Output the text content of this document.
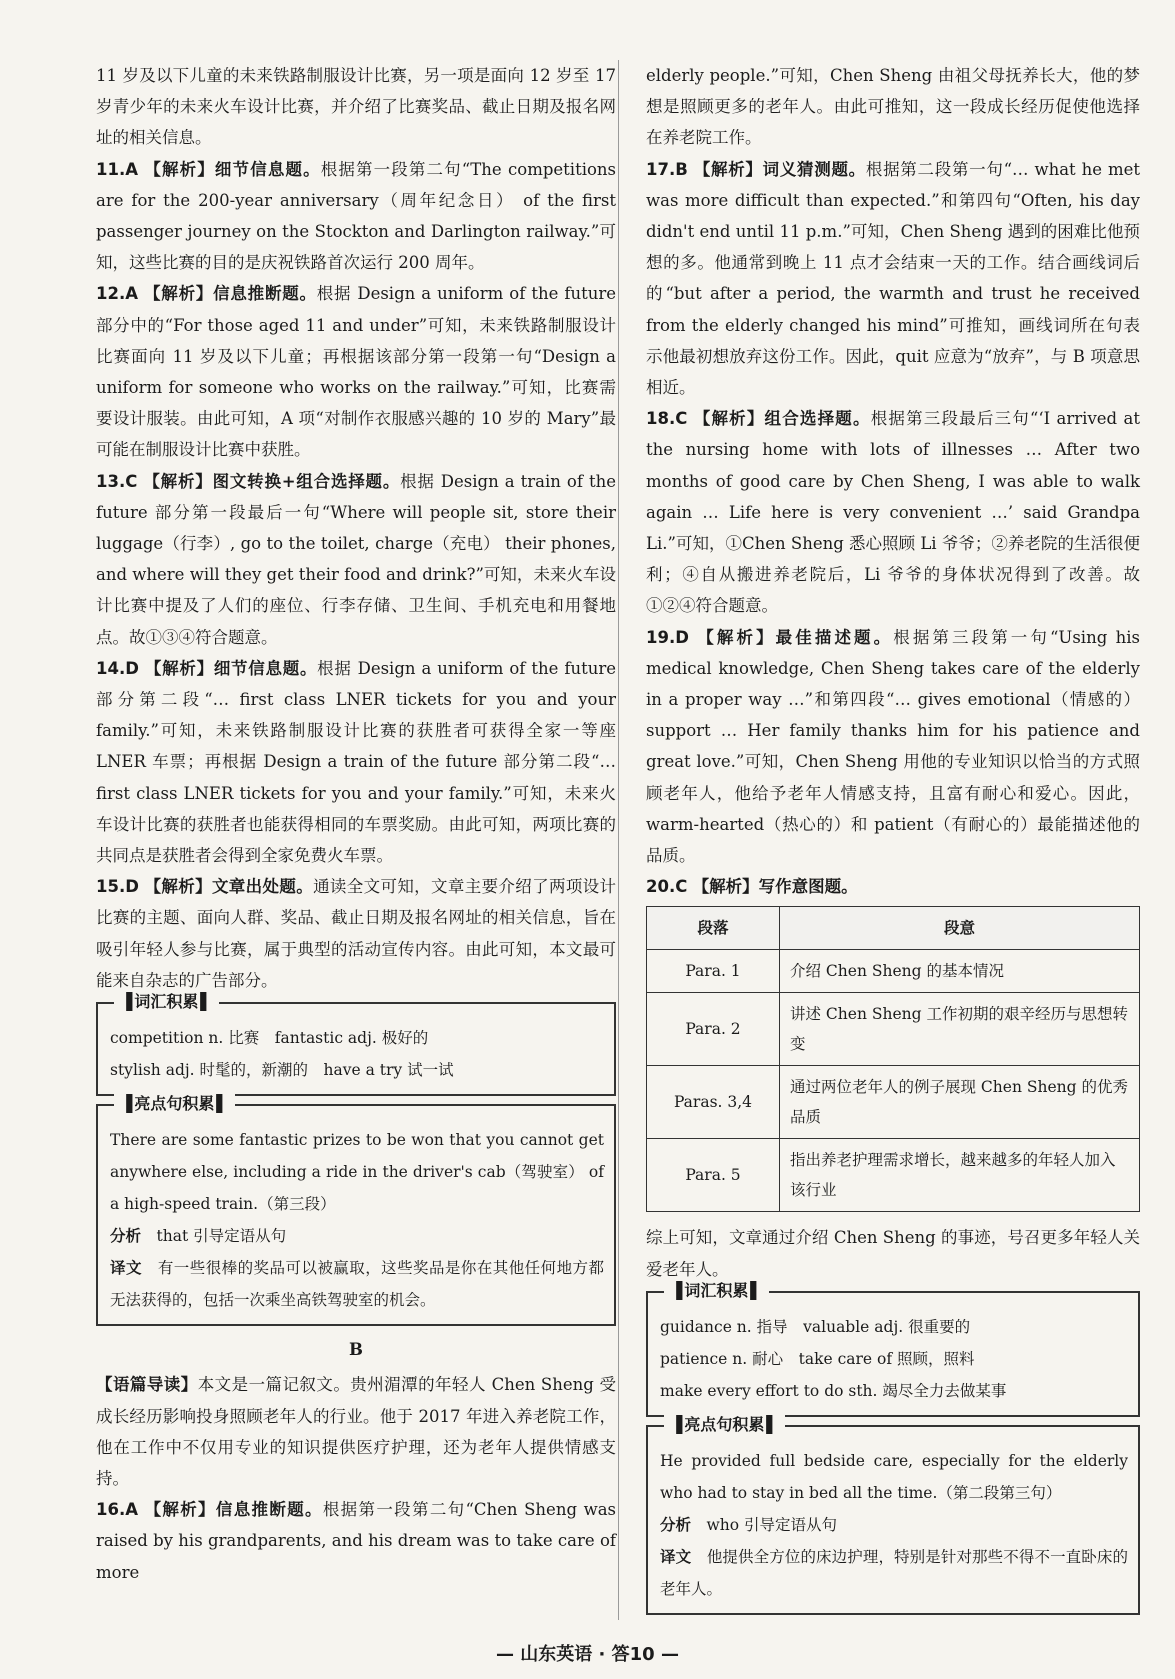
11 岁及以下儿童的未来铁路制服设计比赛，另一项是面向 12 岁至 17 岁青少年的未来火车设计比赛，并介绍了比赛奖品、截止日期及报名网址的相关信息。

11.A 【解析】细节信息题。根据第一段第二句“The competitions are for the 200-year anniversary（周年纪念日） of the first passenger journey on the Stockton and Darlington railway.”可知，这些比赛的目的是庆祝铁路首次运行 200 周年。

12.A 【解析】信息推断题。根据 Design a uniform of the future 部分中的“For those aged 11 and under”可知，未来铁路制服设计比赛面向 11 岁及以下儿童；再根据该部分第一段第一句“Design a uniform for someone who works on the railway.”可知，比赛需要设计服装。由此可知，A 项“对制作衣服感兴趣的 10 岁的 Mary”最可能在制服设计比赛中获胜。

13.C 【解析】图文转换+组合选择题。根据 Design a train of the future 部分第一段最后一句“Where will people sit, store their luggage（行李）, go to the toilet, charge（充电） their phones, and where will they get their food and drink?”可知，未来火车设计比赛中提及了人们的座位、行李存储、卫生间、手机充电和用餐地点。故①③④符合题意。

14.D 【解析】细节信息题。根据 Design a uniform of the future 部分第二段“… first class LNER tickets for you and your family.”可知，未来铁路制服设计比赛的获胜者可获得全家一等座 LNER 车票；再根据 Design a train of the future 部分第二段“… first class LNER tickets for you and your family.”可知，未来火车设计比赛的获胜者也能获得相同的车票奖励。由此可知，两项比赛的共同点是获胜者会得到全家免费火车票。

15.D 【解析】文章出处题。通读全文可知，文章主要介绍了两项设计比赛的主题、面向人群、奖品、截止日期及报名网址的相关信息，旨在吸引年轻人参与比赛，属于典型的活动宣传内容。由此可知，本文最可能来自杂志的广告部分。

▐ 词汇积累 ▌

competition n. 比赛　fantastic adj. 极好的

stylish adj. 时髦的，新潮的　have a try 试一试

▐ 亮点句积累 ▌

There are some fantastic prizes to be won that you cannot get anywhere else, including a ride in the driver's cab（驾驶室） of a high-speed train.（第三段）

分析　 that 引导定语从句

译文　 有一些很棒的奖品可以被赢取，这些奖品是你在其他任何地方都无法获得的，包括一次乘坐高铁驾驶室的机会。

B

【语篇导读】本文是一篇记叙文。贵州湄潭的年轻人 Chen Sheng 受成长经历影响投身照顾老年人的行业。他于 2017 年进入养老院工作，他在工作中不仅用专业的知识提供医疗护理，还为老年人提供情感支持。

16.A 【解析】信息推断题。根据第一段第二句“Chen Sheng was raised by his grandparents, and his dream was to take care of more

elderly people.”可知，Chen Sheng 由祖父母抚养长大，他的梦想是照顾更多的老年人。由此可推知，这一段成长经历促使他选择在养老院工作。

17.B 【解析】词义猜测题。根据第二段第一句“… what he met was more difficult than expected.”和第四句“Often, his day didn't end until 11 p.m.”可知，Chen Sheng 遇到的困难比他预想的多。他通常到晚上 11 点才会结束一天的工作。结合画线词后的“but after a period, the warmth and trust he received from the elderly changed his mind”可推知，画线词所在句表示他最初想放弃这份工作。因此，quit 应意为“放弃”，与 B 项意思相近。

18.C 【解析】组合选择题。根据第三段最后三句“‘I arrived at the nursing home with lots of illnesses … After two months of good care by Chen Sheng, I was able to walk again … Life here is very convenient …’ said Grandpa Li.”可知，①Chen Sheng 悉心照顾 Li 爷爷；②养老院的生活很便利；④自从搬进养老院后，Li 爷爷的身体状况得到了改善。故①②④符合题意。

19.D 【解析】最佳描述题。根据第三段第一句“Using his medical knowledge, Chen Sheng takes care of the elderly in a proper way …”和第四段“… gives emotional（情感的） support … Her family thanks him for his patience and great love.”可知，Chen Sheng 用他的专业知识以恰当的方式照顾老年人，他给予老年人情感支持，且富有耐心和爱心。因此，warm-hearted（热心的）和 patient（有耐心的）最能描述他的品质。

20.C 【解析】写作意图题。

段落	段意
Para. 1	介绍 Chen Sheng 的基本情况
Para. 2	讲述 Chen Sheng 工作初期的艰辛经历与思想转变
Paras. 3,4	通过两位老年人的例子展现 Chen Sheng 的优秀品质
Para. 5	指出养老护理需求增长，越来越多的年轻人加入该行业

综上可知，文章通过介绍 Chen Sheng 的事迹，号召更多年轻人关爱老年人。

▐ 词汇积累 ▌

guidance n. 指导　valuable adj. 很重要的

patience n. 耐心　take care of 照顾，照料

make every effort to do sth. 竭尽全力去做某事

▐ 亮点句积累 ▌

He provided full bedside care, especially for the elderly who had to stay in bed all the time.（第二段第三句）

分析　 who 引导定语从句

译文　 他提供全方位的床边护理，特别是针对那些不得不一直卧床的老年人。

— 山东英语 · 答10 —
